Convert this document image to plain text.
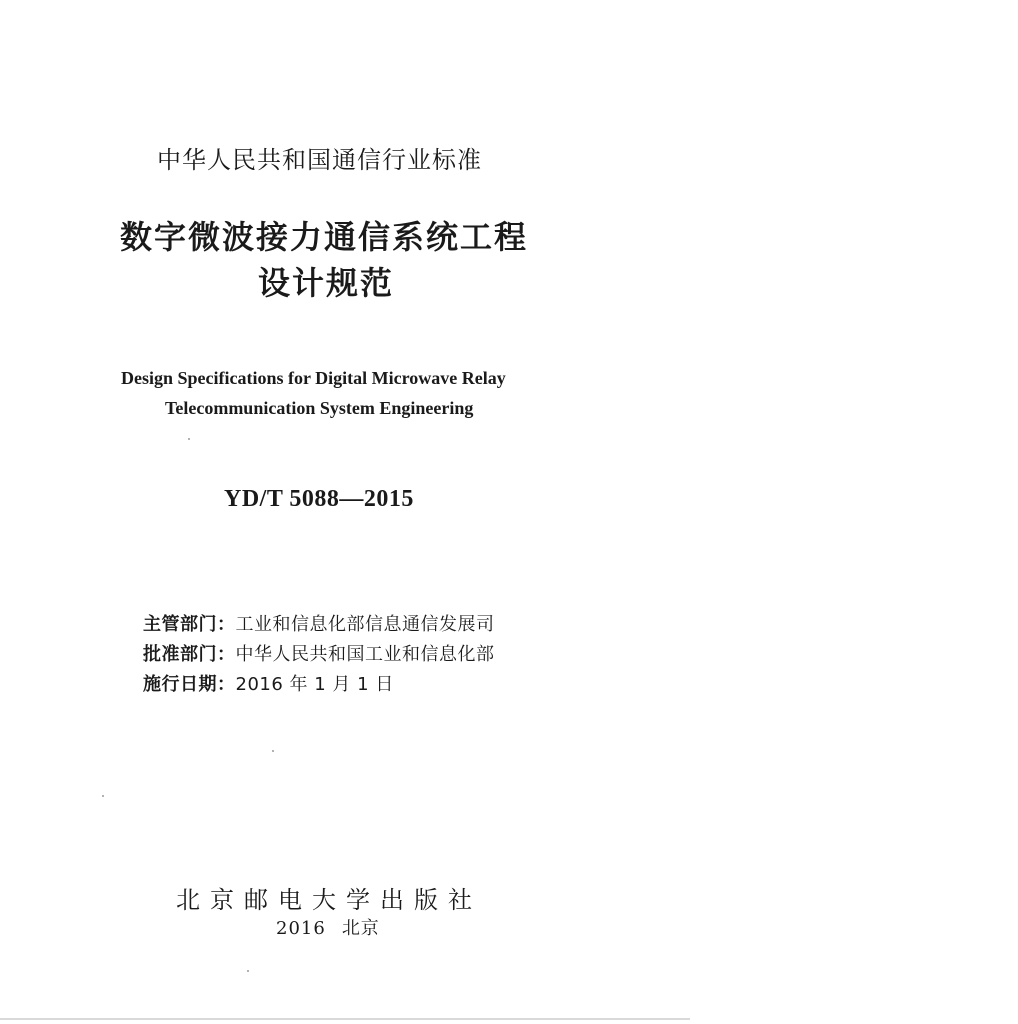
中华人民共和国通信行业标准
数字微波接力通信系统工程
设计规范
Design Specifications for Digital Microwave Relay
Telecommunication System Engineering
YD/T 5088—2015
主管部门：工业和信息化部信息通信发展司
批准部门：中华人民共和国工业和信息化部
施行日期：2016 年 1 月 1 日
北京邮电大学出版社
2016 北京
